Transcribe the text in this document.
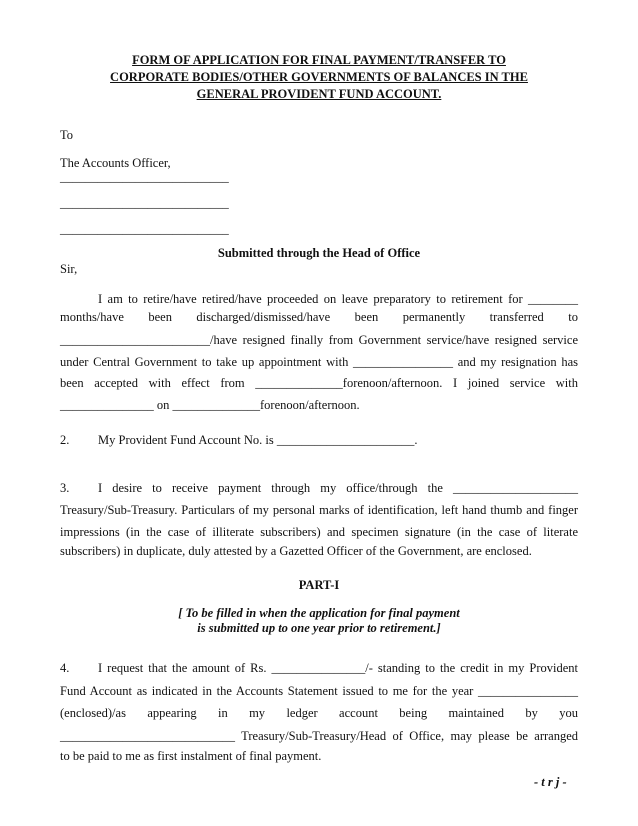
FORM OF APPLICATION FOR FINAL PAYMENT/TRANSFER TO
CORPORATE BODIES/OTHER GOVERNMENTS OF BALANCES IN THE
GENERAL PROVIDENT FUND ACCOUNT.
To
The Accounts Officer,
___________________________
___________________________
___________________________
Submitted through the Head of Office
Sir,
I am to retire/have retired/have proceeded on leave preparatory to retirement for ________
months/have been discharged/dismissed/have been permanently transferred to
________________________/have resigned finally from Government service/have resigned service
under Central Government to take up appointment with ________________ and my resignation has
been accepted with effect from ______________forenoon/afternoon. I joined service with
_______________ on ______________forenoon/afternoon.
2. My Provident Fund Account No. is ______________________.
3. I desire to receive payment through my office/through the ____________________
Treasury/Sub-Treasury. Particulars of my personal marks of identification, left hand thumb and finger
impressions (in the case of illiterate subscribers) and specimen signature (in the case of literate
subscribers) in duplicate, duly attested by a Gazetted Officer of the Government, are enclosed.
PART-I
[ To be filled in when the application for final payment
is submitted up to one year prior to retirement.]
4. I request that the amount of Rs. _______________/- standing to the credit in my Provident
Fund Account as indicated in the Accounts Statement issued to me for the year ________________
(enclosed)/as appearing in my ledger account being maintained by you
____________________________ Treasury/Sub-Treasury/Head of Office, may please be arranged
to be paid to me as first instalment of final payment.
- t r j -
